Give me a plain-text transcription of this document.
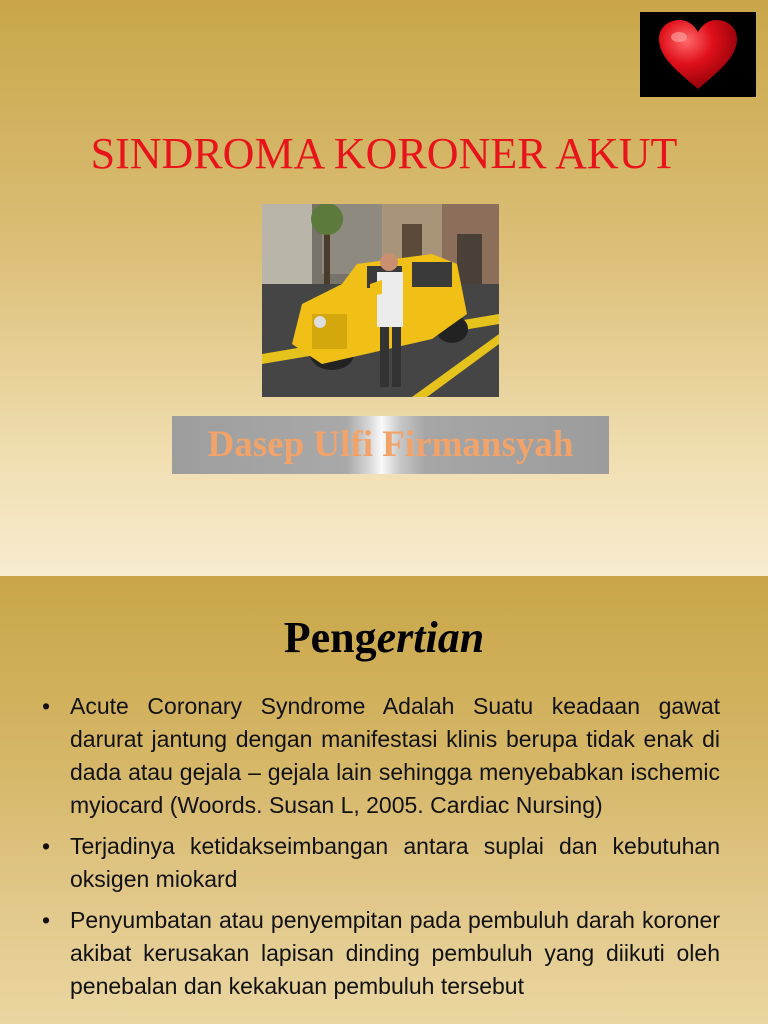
SINDROMA KORONER AKUT
Dasep Ulfi Firmansyah
Pengertian
• Acute Coronary Syndrome Adalah Suatu keadaan gawat darurat jantung dengan manifestasi klinis berupa tidak enak di dada atau gejala – gejala lain sehingga menyebabkan ischemic myiocard (Woords. Susan L, 2005. Cardiac Nursing)
• Terjadinya ketidakseimbangan antara suplai dan kebutuhan oksigen miokard
• Penyumbatan atau penyempitan pada pembuluh darah koroner akibat kerusakan lapisan dinding pembuluh yang diikuti oleh penebalan dan kekakuan pembuluh tersebut
